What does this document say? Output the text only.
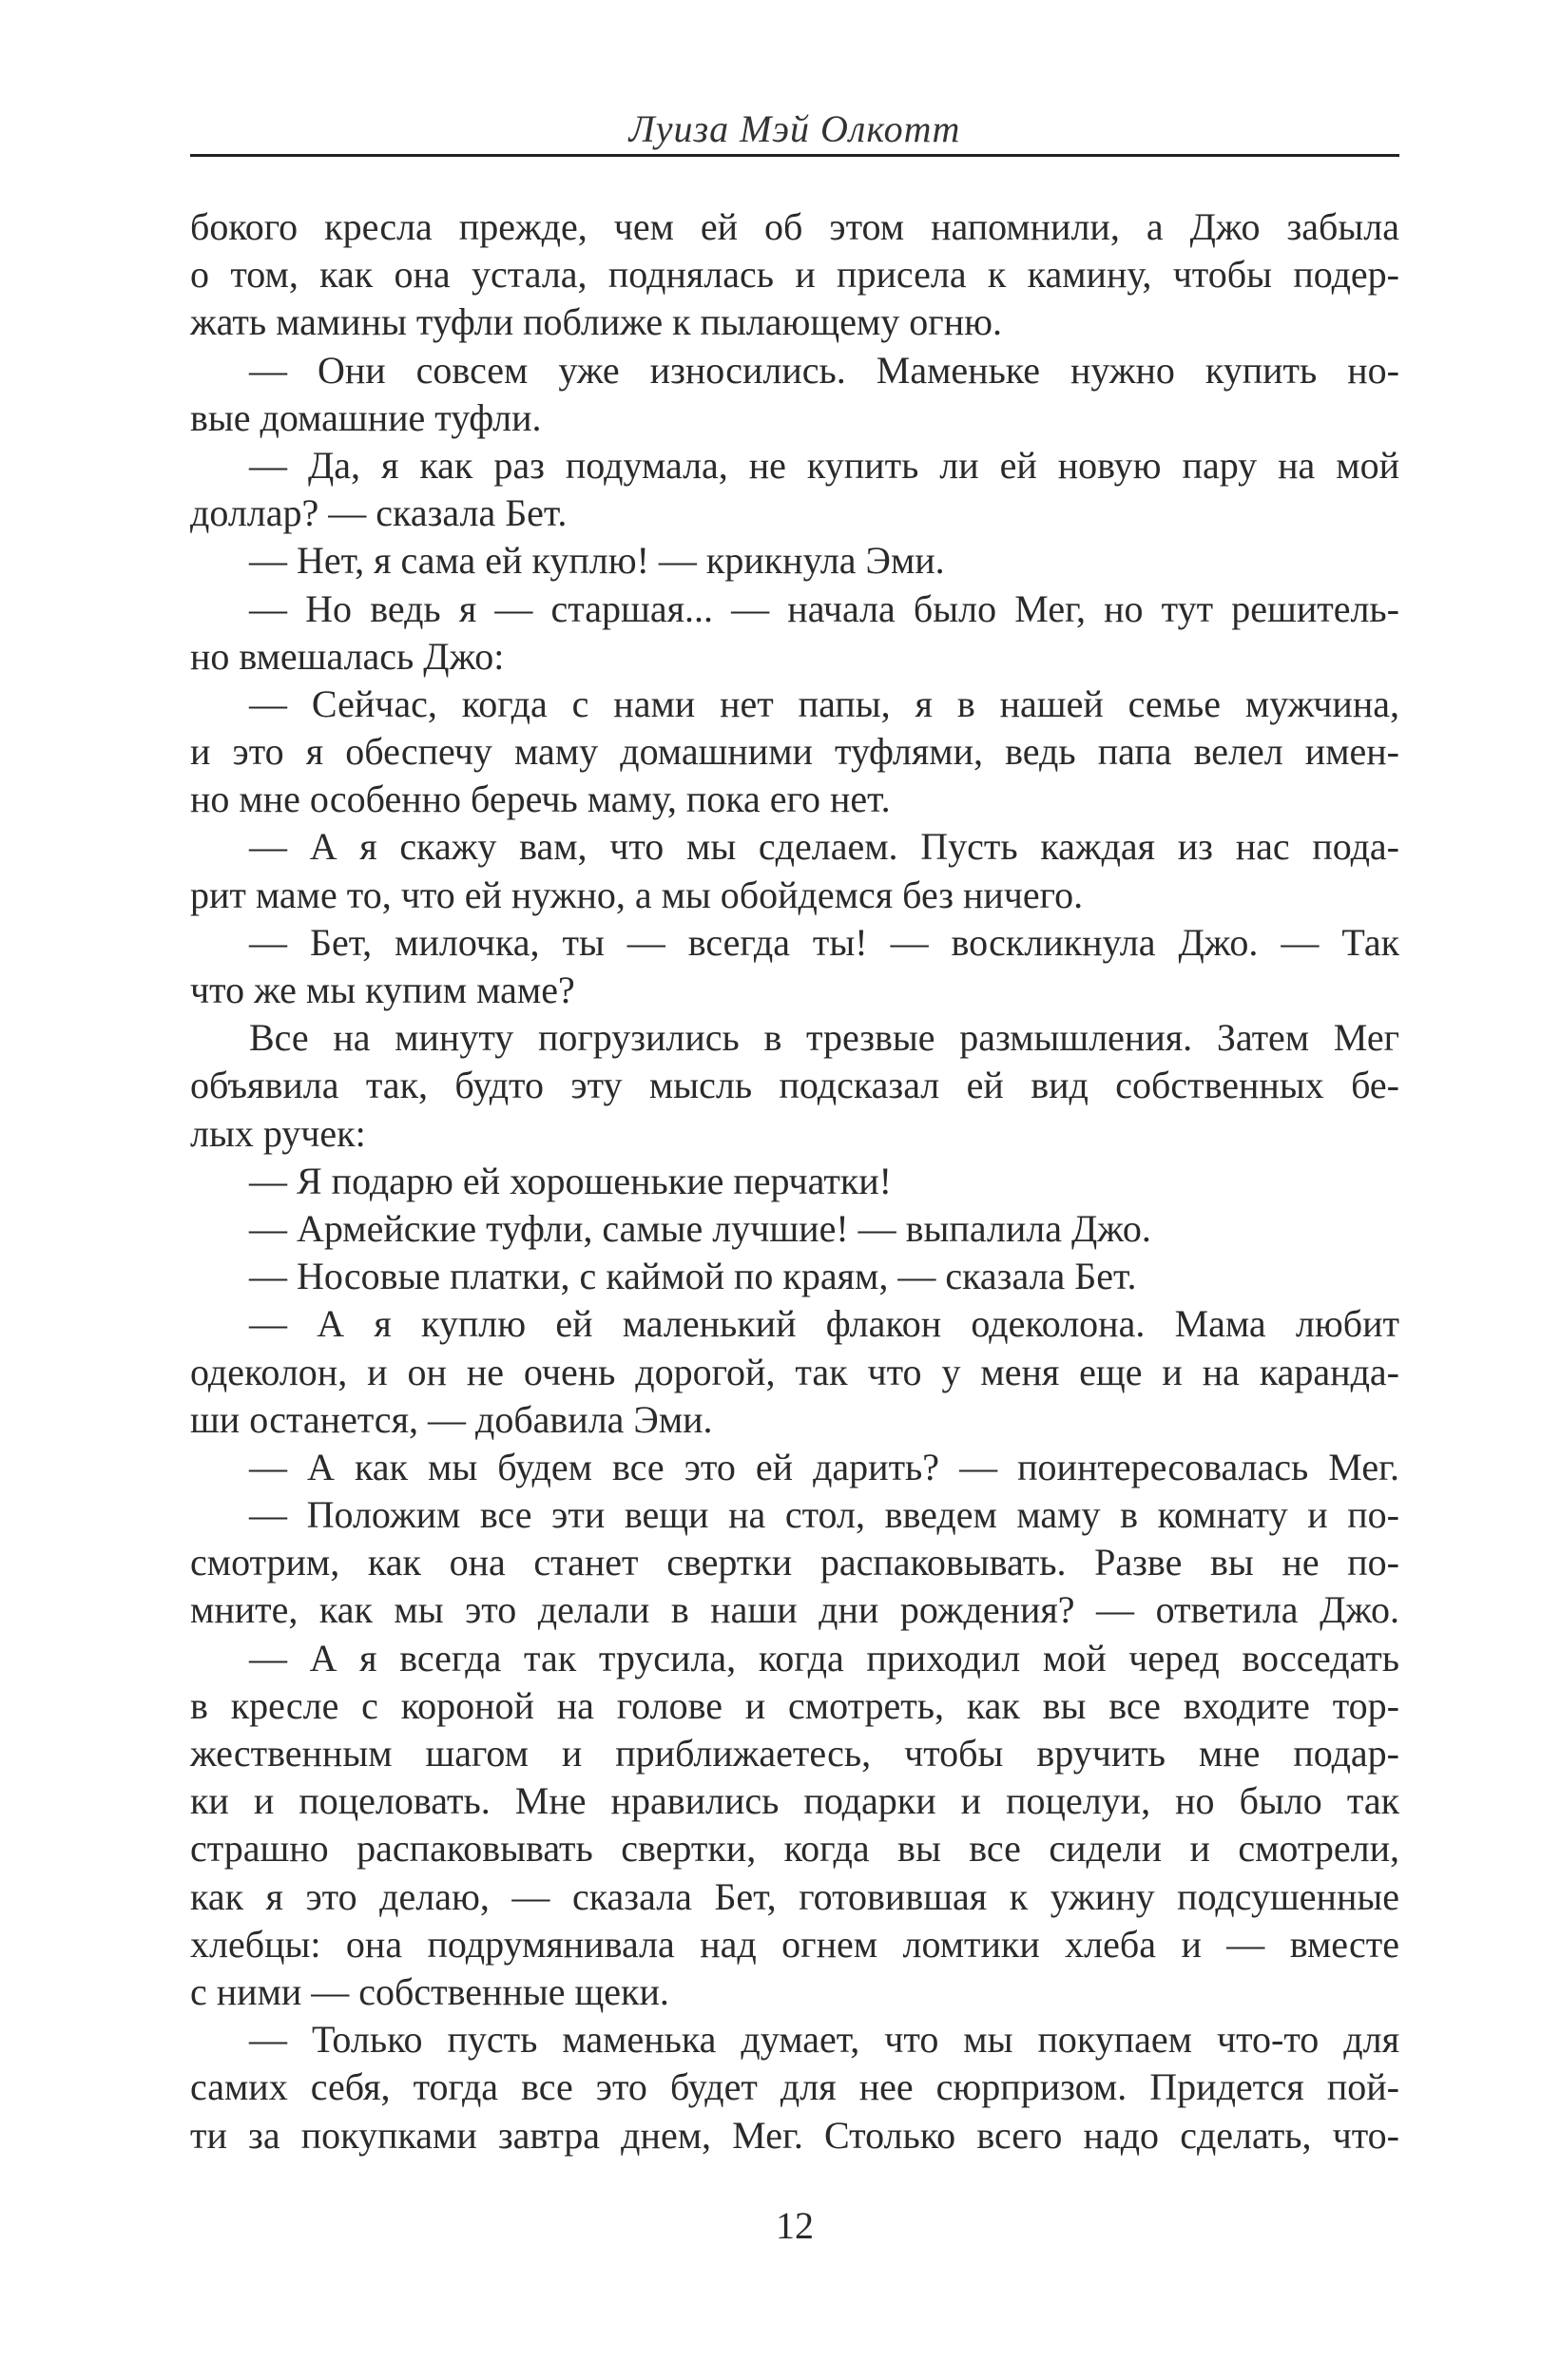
Луиза Мэй Олкотт
бокого кресла прежде, чем ей об этом напомнили, а Джо забыла
о том, как она устала, поднялась и присела к камину, чтобы подер-
жать мамины туфли поближе к пылающему огню.
— Они совсем уже износились. Маменьке нужно купить но-
вые домашние туфли.
— Да, я как раз подумала, не купить ли ей новую пару на мой
доллар? — сказала Бет.
— Нет, я сама ей куплю! — крикнула Эми.
— Но ведь я — старшая... — начала было Мег, но тут решитель-
но вмешалась Джо:
— Сейчас, когда с нами нет папы, я в нашей семье мужчина,
и это я обеспечу маму домашними туфлями, ведь папа велел имен-
но мне особенно беречь маму, пока его нет.
— А я скажу вам, что мы сделаем. Пусть каждая из нас пода-
рит маме то, что ей нужно, а мы обойдемся без ничего.
— Бет, милочка, ты — всегда ты! — воскликнула Джо. — Так
что же мы купим маме?
Все на минуту погрузились в трезвые размышления. Затем Мег
объявила так, будто эту мысль подсказал ей вид собственных бе-
лых ручек:
— Я подарю ей хорошенькие перчатки!
— Армейские туфли, самые лучшие! — выпалила Джо.
— Носовые платки, с каймой по краям, — сказала Бет.
— А я куплю ей маленький флакон одеколона. Мама любит
одеколон, и он не очень дорогой, так что у меня еще и на каранда-
ши останется, — добавила Эми.
— А как мы будем все это ей дарить? — поинтересовалась Мег.
— Положим все эти вещи на стол, введем маму в комнату и по-
смотрим, как она станет свертки распаковывать. Разве вы не по-
мните, как мы это делали в наши дни рождения? — ответила Джо.
— А я всегда так трусила, когда приходил мой черед восседать
в кресле с короной на голове и смотреть, как вы все входите тор-
жественным шагом и приближаетесь, чтобы вручить мне подар-
ки и поцеловать. Мне нравились подарки и поцелуи, но было так
страшно распаковывать свертки, когда вы все сидели и смотрели,
как я это делаю, — сказала Бет, готовившая к ужину подсушенные
хлебцы: она подрумянивала над огнем ломтики хлеба и — вместе
с ними — собственные щеки.
— Только пусть маменька думает, что мы покупаем что-то для
самих себя, тогда все это будет для нее сюрпризом. Придется пой-
ти за покупками завтра днем, Мег. Столько всего надо сделать, что-
12
